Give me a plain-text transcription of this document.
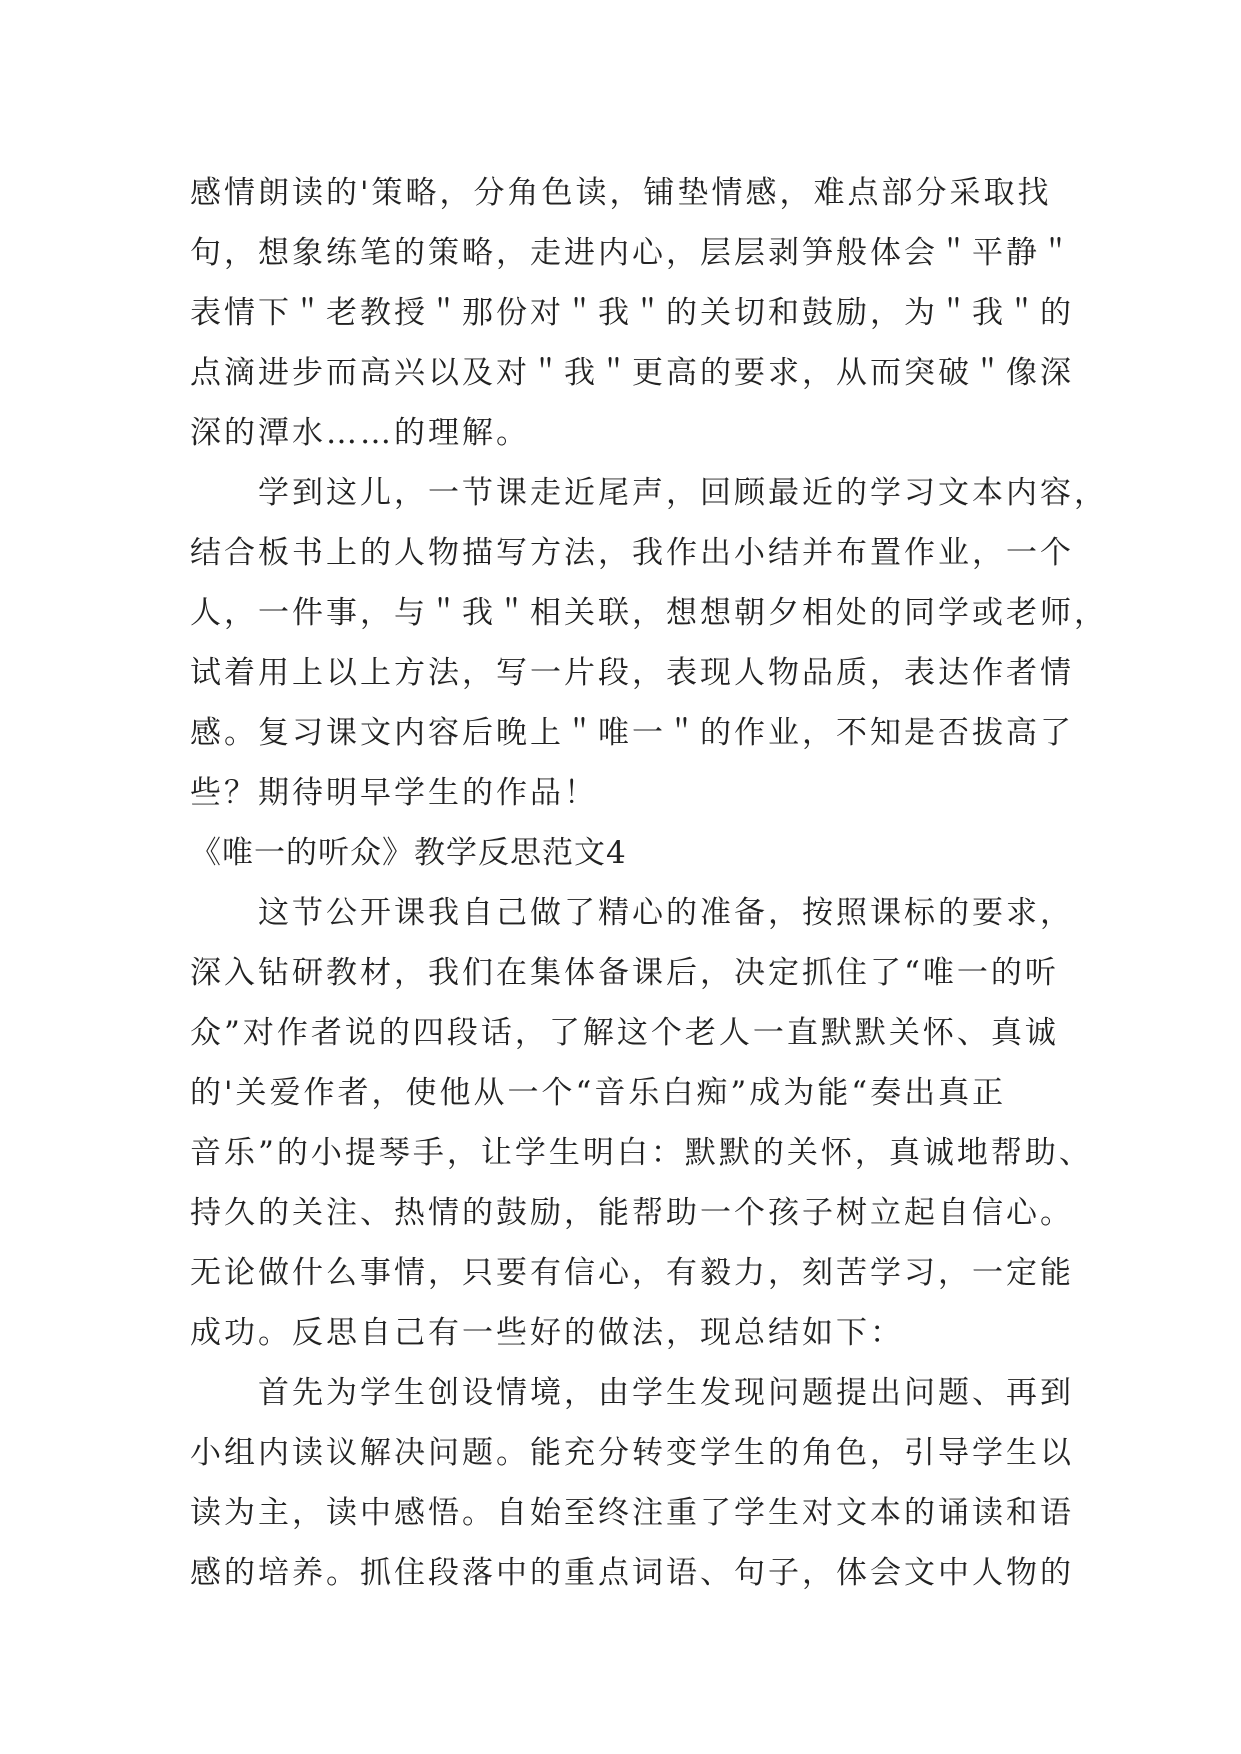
感情朗读的'策略，分角色读，铺垫情感，难点部分采取找
句，想象练笔的策略，走进内心，层层剥笋般体会＂平静＂
表情下＂老教授＂那份对＂我＂的关切和鼓励，为＂我＂的
点滴进步而高兴以及对＂我＂更高的要求，从而突破＂像深
深的潭水……的理解。
　　学到这儿，一节课走近尾声，回顾最近的学习文本内容，
结合板书上的人物描写方法，我作出小结并布置作业，一个
人，一件事，与＂我＂相关联，想想朝夕相处的同学或老师，
试着用上以上方法，写一片段，表现人物品质，表达作者情
感。复习课文内容后晚上＂唯一＂的作业，不知是否拔高了
些？期待明早学生的作品！
《唯一的听众》教学反思范文4
　　这节公开课我自己做了精心的准备，按照课标的要求，
深入钻研教材，我们在集体备课后，决定抓住了“唯一的听
众”对作者说的四段话，了解这个老人一直默默关怀、真诚
的'关爱作者，使他从一个“音乐白痴”成为能“奏出真正
音乐”的小提琴手，让学生明白：默默的关怀，真诚地帮助、
持久的关注、热情的鼓励，能帮助一个孩子树立起自信心。
无论做什么事情，只要有信心，有毅力，刻苦学习，一定能
成功。反思自己有一些好的做法，现总结如下：
　　首先为学生创设情境，由学生发现问题提出问题、再到
小组内读议解决问题。能充分转变学生的角色，引导学生以
读为主，读中感悟。自始至终注重了学生对文本的诵读和语
感的培养。抓住段落中的重点词语、句子，体会文中人物的
